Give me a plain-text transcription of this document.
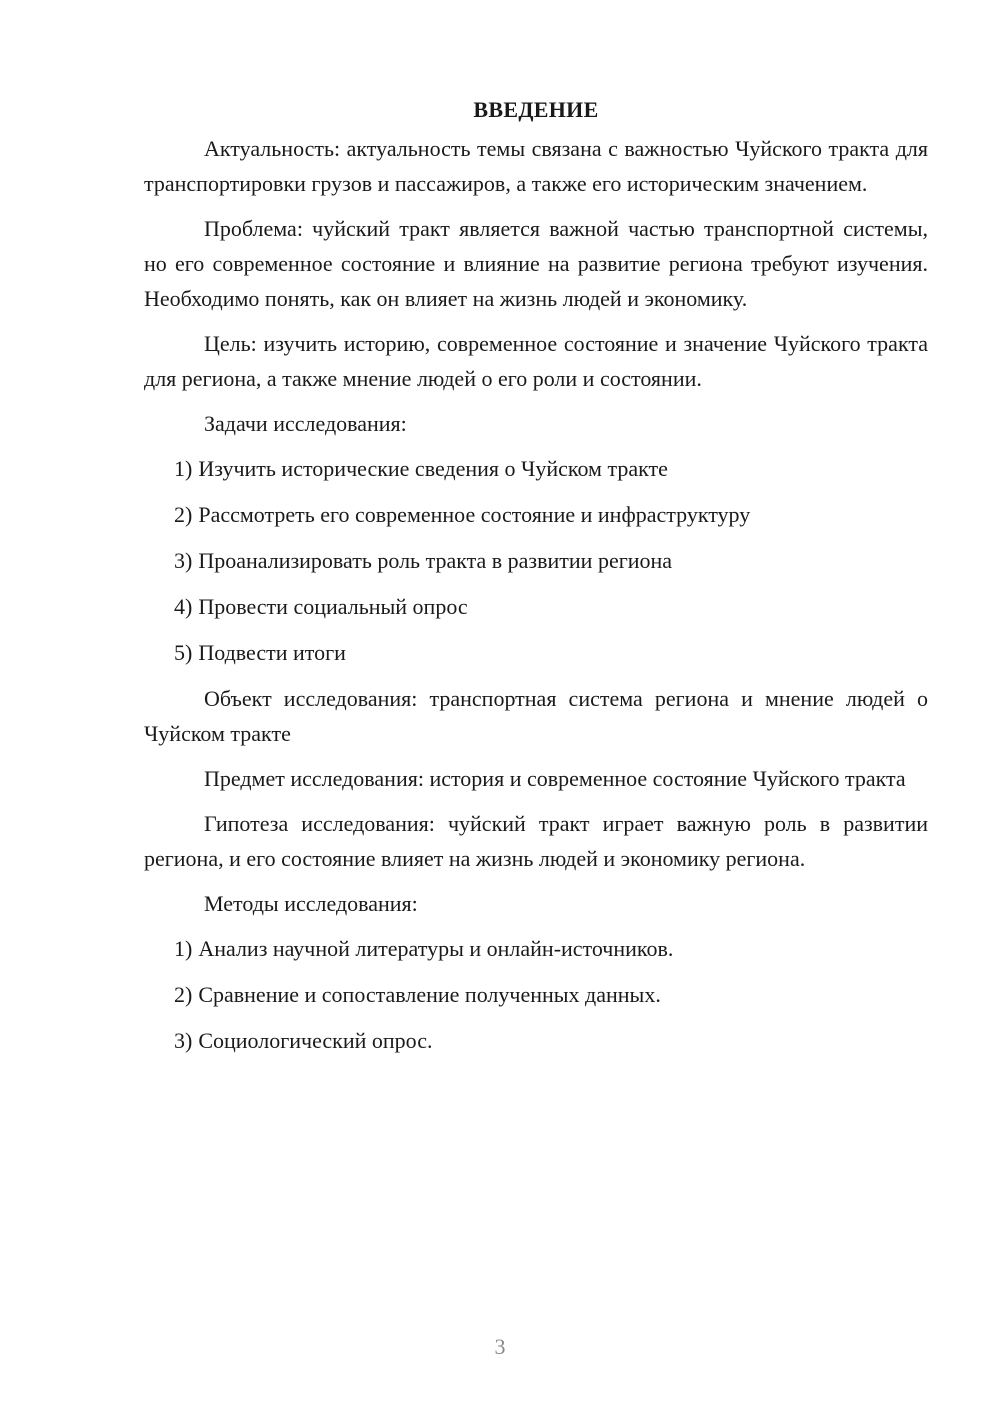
ВВЕДЕНИЕ

Актуальность: актуальность темы связана с важностью Чуйского тракта для транспортировки грузов и пассажиров, а также его историческим значением.

Проблема: чуйский тракт является важной частью транспортной системы, но его современное состояние и влияние на развитие региона требуют изучения. Необходимо понять, как он влияет на жизнь людей и экономику.

Цель: изучить историю, современное состояние и значение Чуйского тракта для региона, а также мнение людей о его роли и состоянии.

Задачи исследования:

1) Изучить исторические сведения о Чуйском тракте
2) Рассмотреть его современное состояние и инфраструктуру
3) Проанализировать роль тракта в развитии региона
4) Провести социальный опрос
5) Подвести итоги

Объект исследования: транспортная система региона и мнение людей о Чуйском тракте

Предмет исследования: история и современное состояние Чуйского тракта

Гипотеза исследования: чуйский тракт играет важную роль в развитии региона, и его состояние влияет на жизнь людей и экономику региона.

Методы исследования:

1) Анализ научной литературы и онлайн-источников.
2) Сравнение и сопоставление полученных данных.
3) Социологический опрос.
3
